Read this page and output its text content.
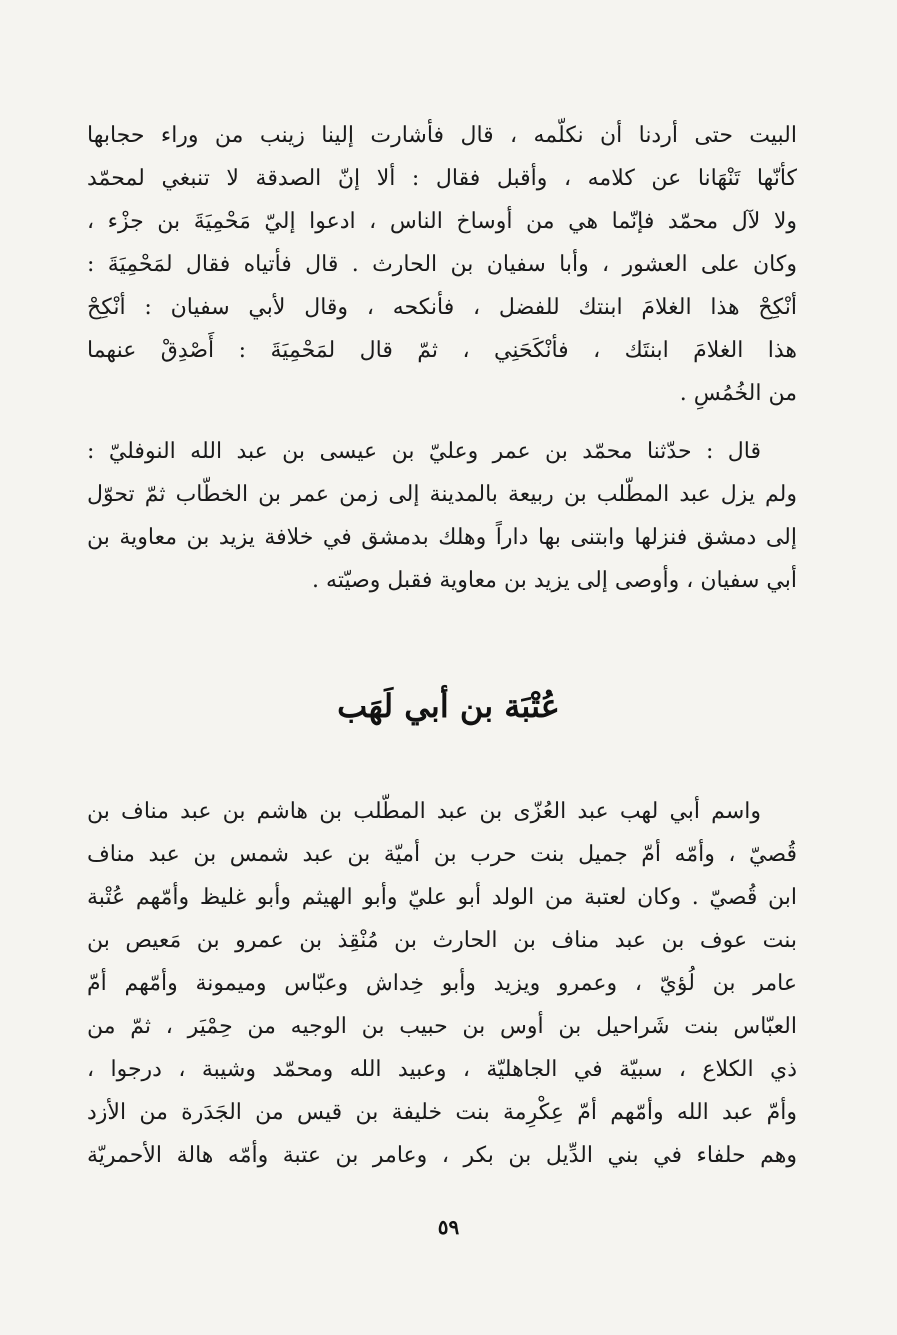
البيت حتى أردنا أن نكلّمه ، قال فأشارت إلينا زينب من وراء حجابها
كأنّها تَنْهَانا عن كلامه ، وأقبل فقال : ألا إنّ الصدقة لا تنبغي لمحمّد
ولا لآل محمّد فإنّما هي من أوساخ الناس ، ادعوا إليّ مَحْمِيَةَ بن جزْء ،
وكان على العشور ، وأبا سفيان بن الحارث . قال فأتياه فقال لمَحْمِيَةَ :
أنْكِحْ هذا الغلامَ ابنتك للفضل ، فأنكحه ، وقال لأبي سفيان : أنْكِحْ
هذا الغلامَ ابنتَك ، فأنْكَحَنِي ، ثمّ قال لمَحْمِيَةَ : أَصْدِقْ عنهما
من الخُمُسِ .
قال : حدّثنا محمّد بن عمر وعليّ بن عيسى بن عبد الله النوفليّ :
ولم يزل عبد المطّلب بن ربيعة بالمدينة إلى زمن عمر بن الخطّاب ثمّ تحوّل
إلى دمشق فنزلها وابتنى بها داراً وهلك بدمشق في خلافة يزيد بن معاوية بن
أبي سفيان ، وأوصى إلى يزيد بن معاوية فقبل وصيّته .
عُتْبَة بن أبي لَهَب
واسم أبي لهب عبد العُزّى بن عبد المطّلب بن هاشم بن عبد مناف بن
قُصيّ ، وأمّه أمّ جميل بنت حرب بن أميّة بن عبد شمس بن عبد مناف
ابن قُصيّ . وكان لعتبة من الولد أبو عليّ وأبو الهيثم وأبو غليظ وأمّهم عُتْبة
بنت عوف بن عبد مناف بن الحارث بن مُنْقِذ بن عمرو بن مَعيص بن
عامر بن لُؤيّ ، وعمرو ويزيد وأبو خِداش وعبّاس وميمونة وأمّهم أمّ
العبّاس بنت شَراحيل بن أوس بن حبيب بن الوجيه من حِمْيَر ، ثمّ من
ذي الكلاع ، سبيّة في الجاهليّة ، وعبيد الله ومحمّد وشيبة ، درجوا ،
وأمّ عبد الله وأمّهم أمّ عِكْرِمة بنت خليفة بن قيس من الجَدَرة من الأزد
وهم حلفاء في بني الدِّيل بن بكر ، وعامر بن عتبة وأمّه هالة الأحمريّة
٥٩
